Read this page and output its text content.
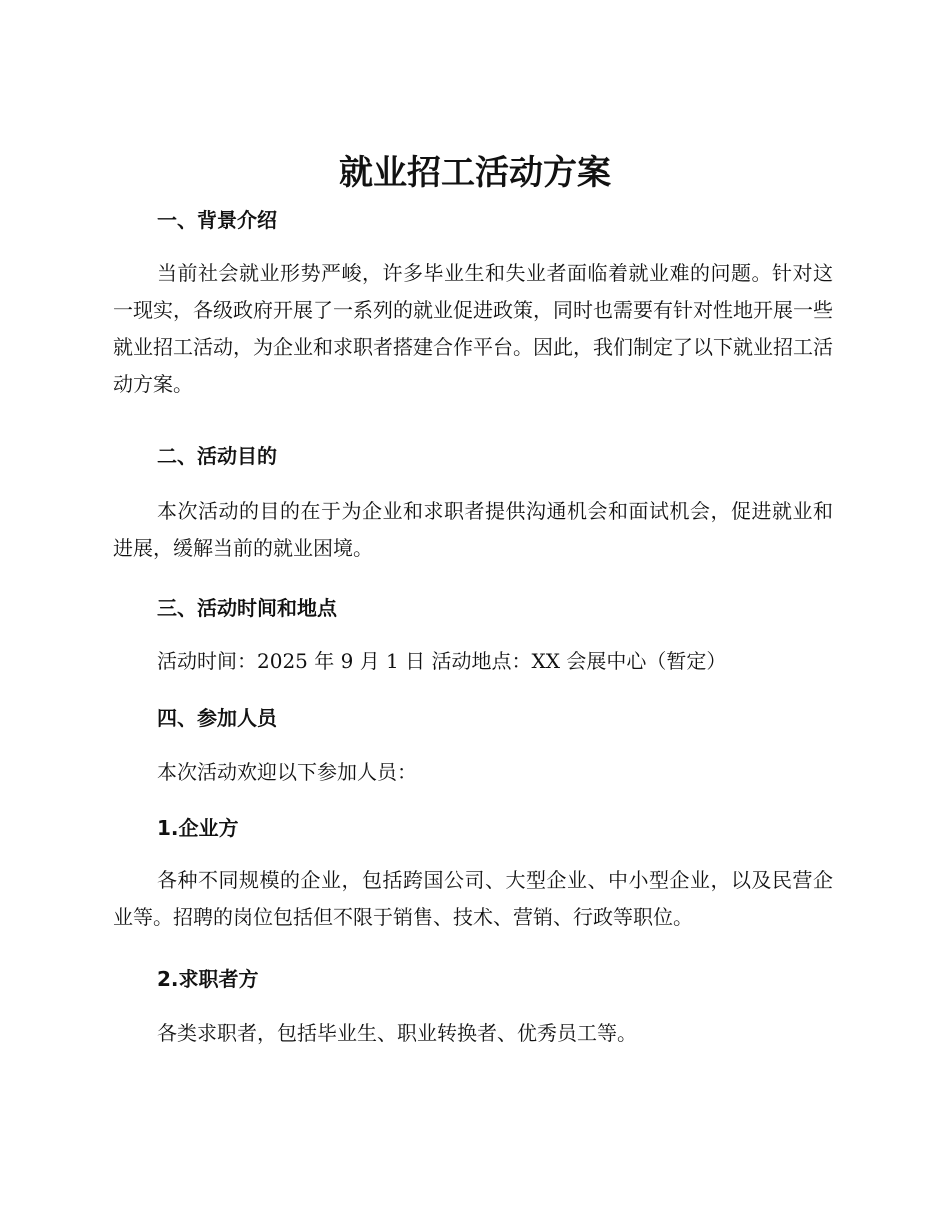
就业招工活动方案
一、背景介绍

当前社会就业形势严峻，许多毕业生和失业者面临着就业难的问题。针对这一现实，各级政府开展了一系列的就业促进政策，同时也需要有针对性地开展一些就业招工活动，为企业和求职者搭建合作平台。因此，我们制定了以下就业招工活动方案。

二、活动目的

本次活动的目的在于为企业和求职者提供沟通机会和面试机会，促进就业和进展，缓解当前的就业困境。

三、活动时间和地点

活动时间：2025 年 9 月 1 日 活动地点：XX 会展中心（暂定）

四、参加人员

本次活动欢迎以下参加人员：

1.企业方

各种不同规模的企业，包括跨国公司、大型企业、中小型企业，以及民营企业等。招聘的岗位包括但不限于销售、技术、营销、行政等职位。

2.求职者方

各类求职者，包括毕业生、职业转换者、优秀员工等。
